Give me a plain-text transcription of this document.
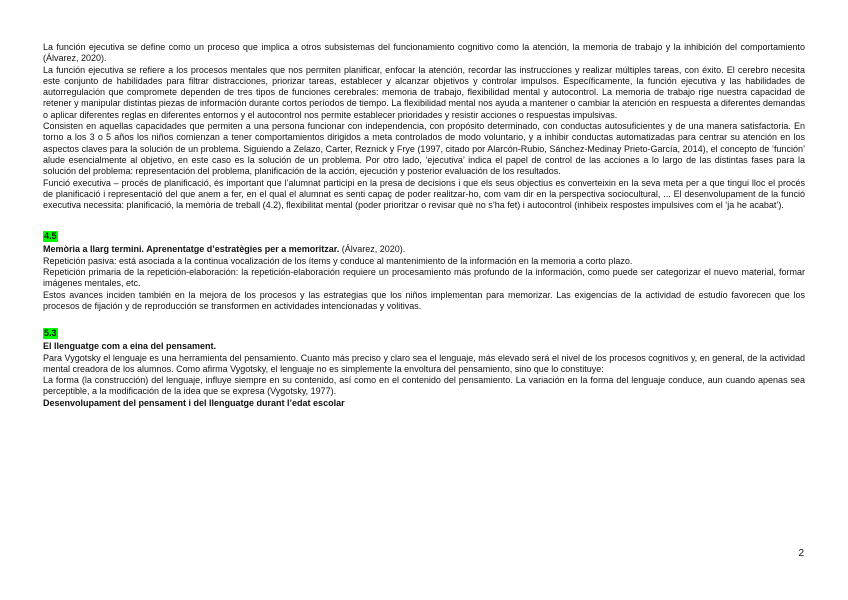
La función ejecutiva se define como un proceso que implica a otros subsistemas del funcionamiento cognitivo como la atención, la memoria de trabajo y la inhibición del comportamiento (Álvarez, 2020).

La función ejecutiva se refiere a los procesos mentales que nos permiten planificar, enfocar la atención, recordar las instrucciones y realizar múltiples tareas, con éxito. El cerebro necesita este conjunto de habilidades para filtrar distracciones, priorizar tareas, establecer y alcanzar objetivos y controlar impulsos. Específicamente, la función ejecutiva y las habilidades de autorregulación que compromete dependen de tres tipos de funciones cerebrales: memoria de trabajo, flexibilidad mental y autocontrol. La memoria de trabajo rige nuestra capacidad de retener y manipular distintas piezas de información durante cortos períodos de tiempo. La flexibilidad mental nos ayuda a mantener o cambiar la atención en respuesta a diferentes demandas o aplicar diferentes reglas en diferentes entornos y el autocontrol nos permite establecer prioridades y resistir acciones o respuestas impulsivas.

Consisten en aquellas capacidades que permiten a una persona funcionar con independencia, con propósito determinado, con conductas autosuficientes y de una manera satisfactoria. En torno a los 3 o 5 años los niños comienzan a tener comportamientos dirigidos a meta controlados de modo voluntario, y a inhibir conductas automatizadas para centrar su atención en los aspectos claves para la solución de un problema. Siguiendo a Zelazo, Carter, Reznick y Frye (1997, citado por Alarcón-Rubio, Sánchez-Medinay Prieto-García, 2014), el concepto de ‘función’ alude esencialmente al objetivo, en este caso es la solución de un problema. Por otro lado, ‘ejecutiva’ indica el papel de control de las acciones a lo largo de las distintas fases para la solución del problema: representación del problema, planificación de la acción, ejecución y posterior evaluación de los resultados.

Funció executiva – procés de planificació, és important que l’alumnat participi en la presa de decisions i que els seus objectius es converteixin en la seva meta per a que tingui lloc el procés de planificació i representació del que anem a fer, en el qual el alumnat es senti capaç de poder realitzar-ho, com vam dir en la perspectiva sociocultural, ... El desenvolupament de la funció executiva necessita: planificació, la memòria de treball (4.2), flexibilitat mental (poder prioritzar o revisar què no s’ha fet) i autocontrol (inhibeix respostes impulsives com el ‘ja he acabat’).

4.5

Memòria a llarg termini. Aprenentatge d’estratègies per a memoritzar. (Álvarez, 2020).

Repetición pasiva: está asociada a la continua vocalización de los ítems y conduce al mantenimiento de la información en la memoria a corto plazo.

Repetición primaria de la repetición-elaboración: la repetición-elaboración requiere un procesamiento más profundo de la información, como puede ser categorizar el nuevo material, formar imágenes mentales, etc.

Estos avances inciden también en la mejora de los procesos y las estrategias que los niños implementan para memorizar. Las exigencias de la actividad de estudio favorecen que los procesos de fijación y de reproducción se transformen en actividades intencionadas y volitivas.

5.3

El llenguatge com a eina del pensament.

Para Vygotsky el lenguaje es una herramienta del pensamiento. Cuanto más preciso y claro sea el lenguaje, más elevado será el nivel de los procesos cognitivos y, en general, de la actividad mental creadora de los alumnos. Como afirma Vygotsky, el lenguaje no es simplemente la envoltura del pensamiento, sino que lo constituye:

La forma (la construcción) del lenguaje, influye siempre en su contenido, así como en el contenido del pensamiento. La variación en la forma del lenguaje conduce, aun cuando apenas sea perceptible, a la modificación de la idea que se expresa (Vygotsky, 1977).

Desenvolupament del pensament i del llenguatge durant l’edat escolar

2
